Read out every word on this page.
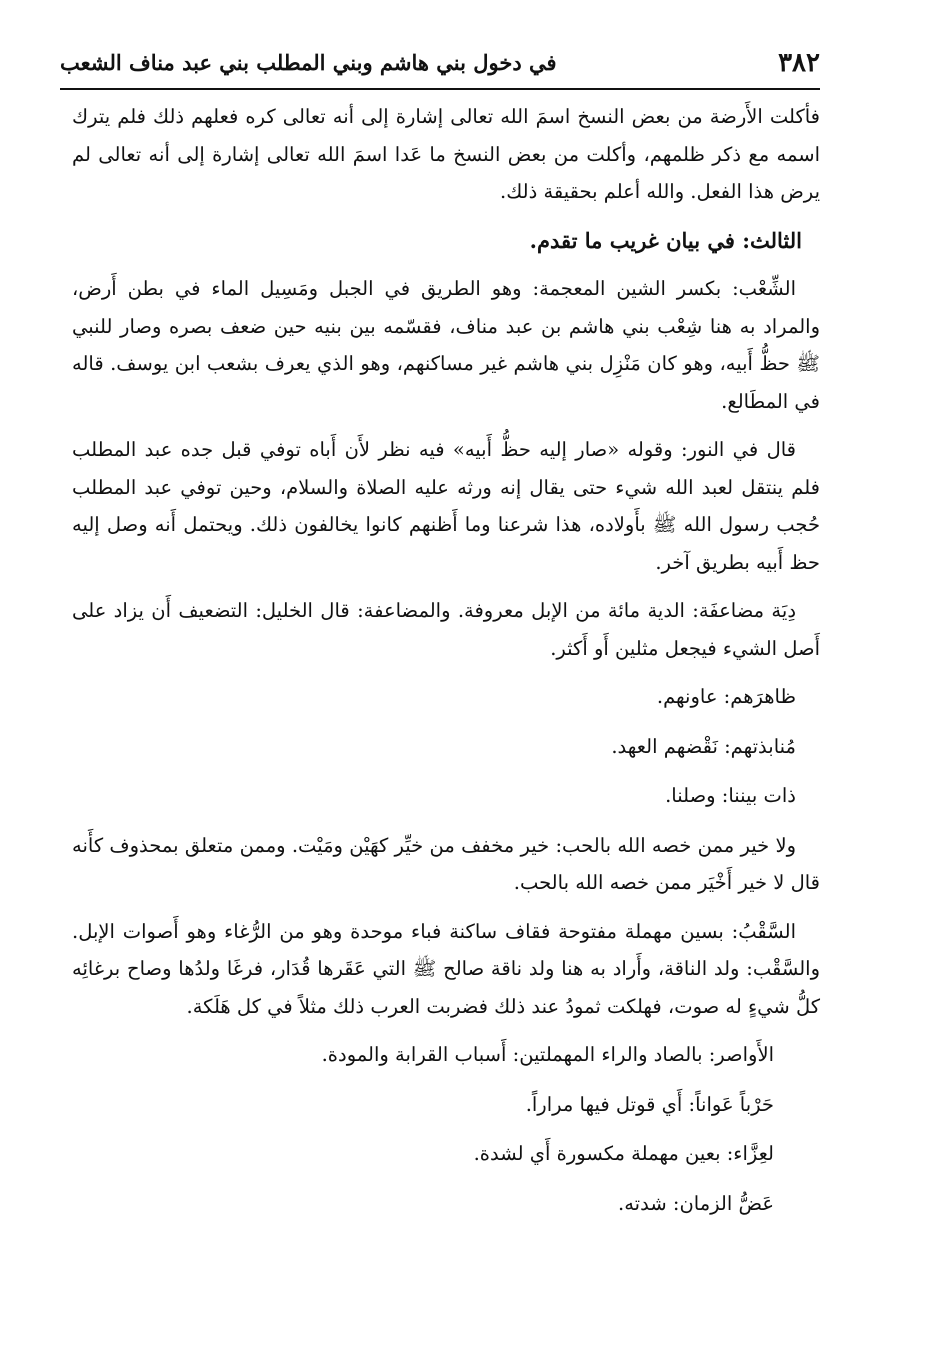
٣٨٢
في دخول بني هاشم وبني المطلب بني عبد مناف الشعب

فأكلت الأَرضة من بعض النسخ اسمَ الله تعالى إشارة إلى أنه تعالى كره فعلهم ذلك فلم يترك اسمه مع ذكر ظلمهم، وأكلت من بعض النسخ ما عَدا اسمَ الله تعالى إشارة إلى أنه تعالى لم يرض هذا الفعل. والله أعلم بحقيقة ذلك.

الثالث: في بيان غريب ما تقدم.

الشِّعْب: بكسر الشين المعجمة: وهو الطريق في الجبل ومَسِيل الماء في بطن أَرض، والمراد به هنا شِعْب بني هاشم بن عبد مناف، فقسّمه بين بنيه حين ضعف بصره وصار للنبي ﷺ حظُّ أَبيه، وهو كان مَنْزِل بني هاشم غير مساكنهم، وهو الذي يعرف بشعب ابن يوسف. قاله في المطَالع.

قال في النور: وقوله «صار إليه حظُّ أَبيه» فيه نظر لأَن أَباه توفي قبل جده عبد المطلب فلم ينتقل لعبد الله شيء حتى يقال إنه ورثه عليه الصلاة والسلام، وحين توفي عبد المطلب حُجب رسول الله ﷺ بأَولاده، هذا شرعنا وما أَظنهم كانوا يخالفون ذلك. ويحتمل أَنه وصل إليه حظ أَبيه بطريق آخر.

دِيَة مضاعفَة: الدية مائة من الإبل معروفة. والمضاعفة: قال الخليل: التضعيف أَن يزاد على أَصل الشيء فيجعل مثلين أَو أَكثر.

ظاهرَهم: عاونهم.

مُنابذتهم: نَقْضهم العهد.

ذات بيننا: وصلنا.

ولا خير ممن خصه الله بالحب: خير مخفف من خيِّر كهَيْن ومَيْت. وممن متعلق بمحذوف كأَنه قال لا خير أَخْيَر ممن خصه الله بالحب.

السَّقْبُ: بسين مهملة مفتوحة فقاف ساكنة فباء موحدة وهو من الرُّغاء وهو أَصوات الإبل. والسَّقْب: ولد الناقة، وأَراد به هنا ولد ناقة صالح ﷺ التي عَقَرها قُدَار، فرغَا ولدُها وصاح برغائِه كلُّ شيءٍ له صوت، فهلكت ثمودُ عند ذلك فضربت العرب ذلك مثلاً في كل هَلَكة.

الأَواصر: بالصاد والراء المهملتين: أَسباب القرابة والمودة.

حَرْباً عَواناً: أَي قوتل فيها مراراً.

لعِزَّاء: بعين مهملة مكسورة أَي لشدة.

عَضُّ الزمان: شدته.
